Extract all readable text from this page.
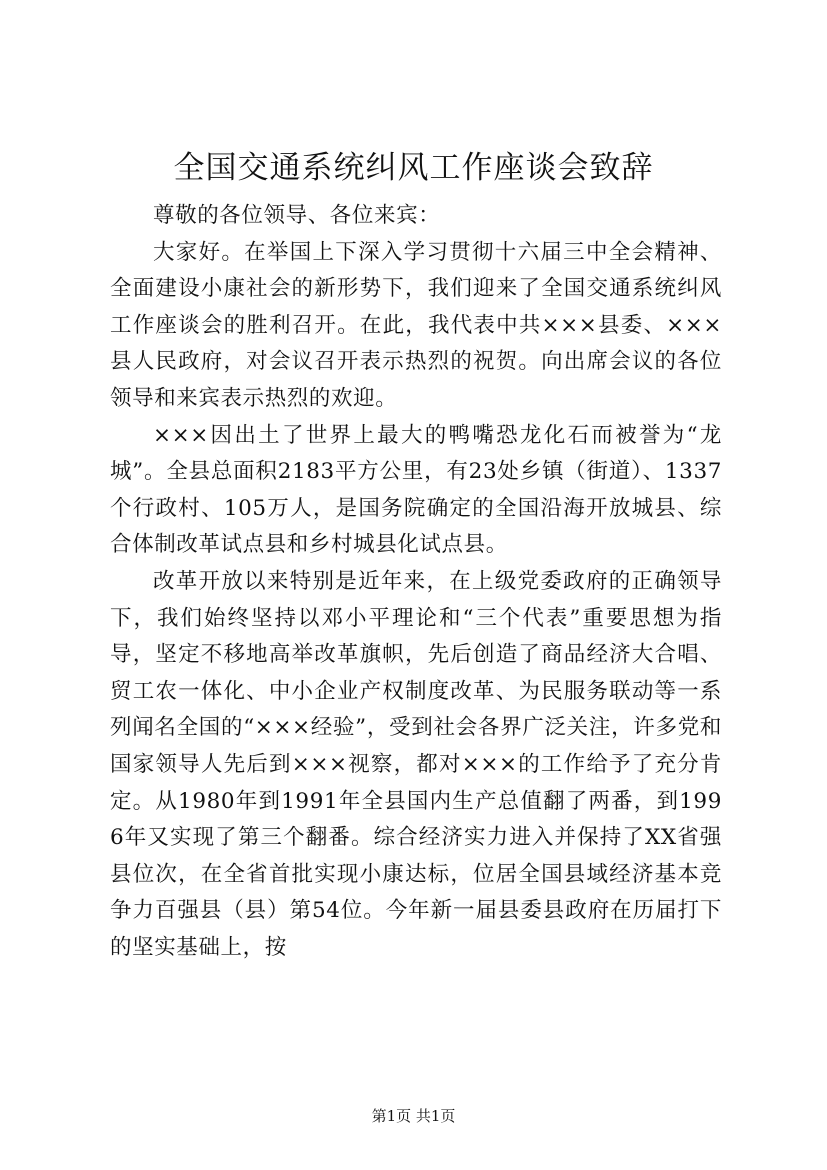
全国交通系统纠风工作座谈会致辞

尊敬的各位领导、各位来宾：

大家好。在举国上下深入学习贯彻十六届三中全会精神、全面建设小康社会的新形势下，我们迎来了全国交通系统纠风工作座谈会的胜利召开。在此，我代表中共×××县委、×××县人民政府，对会议召开表示热烈的祝贺。向出席会议的各位领导和来宾表示热烈的欢迎。

×××因出土了世界上最大的鸭嘴恐龙化石而被誉为“龙城”。全县总面积2183平方公里，有23处乡镇（街道）、1337个行政村、105万人，是国务院确定的全国沿海开放城县、综合体制改革试点县和乡村城县化试点县。

改革开放以来特别是近年来，在上级党委政府的正确领导下，我们始终坚持以邓小平理论和“三个代表”重要思想为指导，坚定不移地高举改革旗帜，先后创造了商品经济大合唱、贸工农一体化、中小企业产权制度改革、为民服务联动等一系列闻名全国的“×××经验”，受到社会各界广泛关注，许多党和国家领导人先后到×××视察，都对×××的工作给予了充分肯定。从1980年到1991年全县国内生产总值翻了两番，到1996年又实现了第三个翻番。综合经济实力进入并保持了XX省强县位次，在全省首批实现小康达标，位居全国县域经济基本竞争力百强县（县）第54位。今年新一届县委县政府在历届打下的坚实基础上，按

第1页 共1页
